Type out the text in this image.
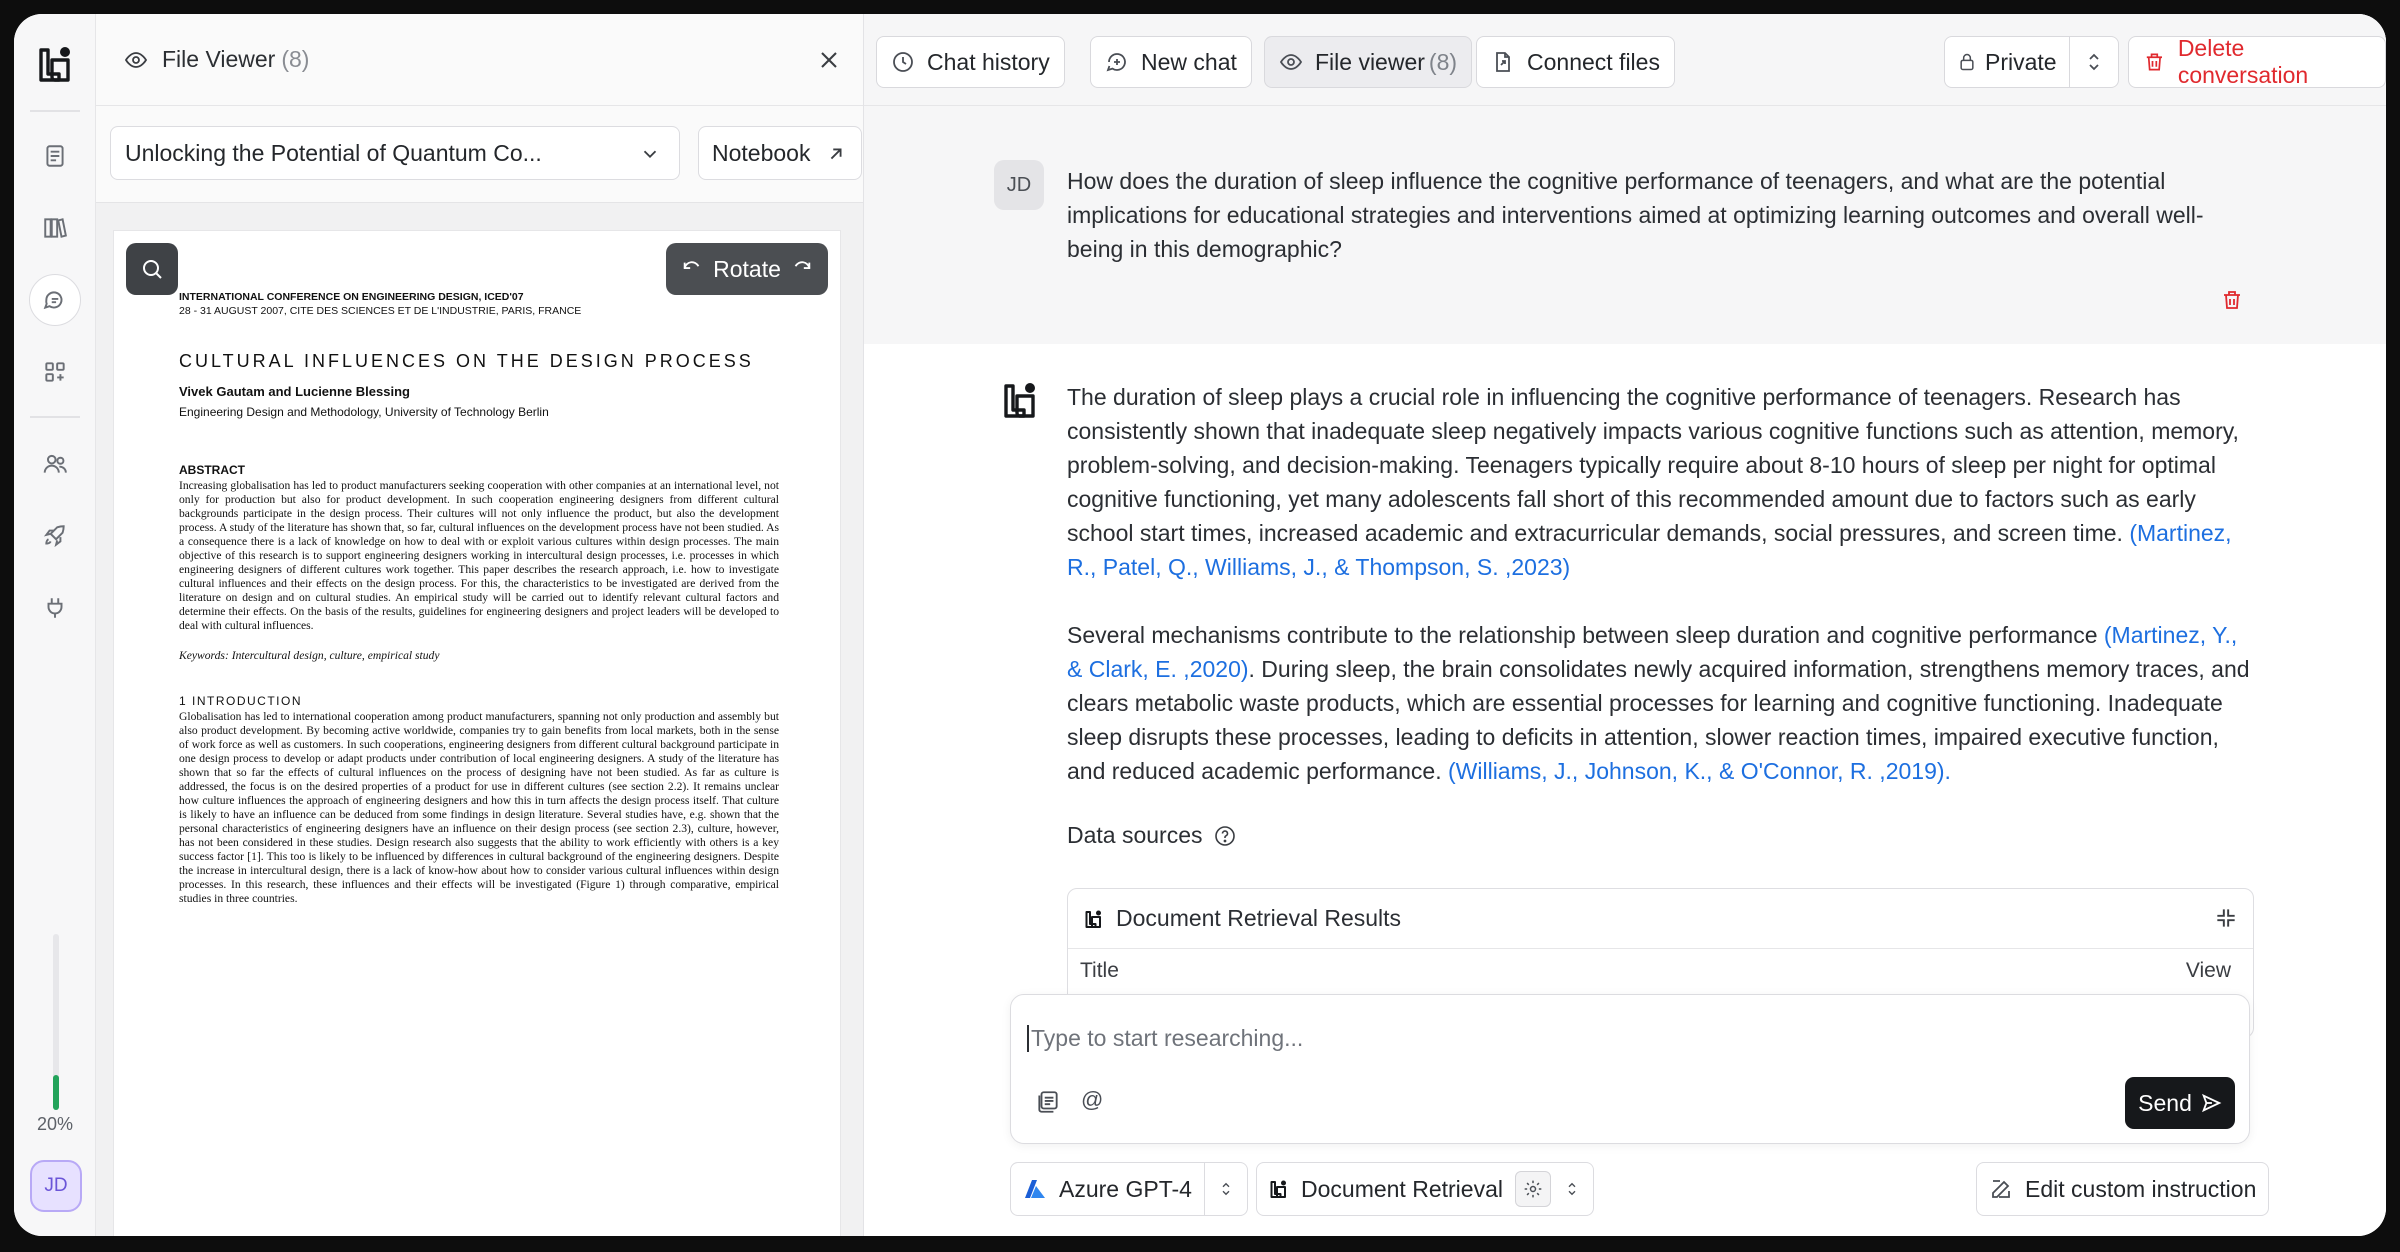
20%
JD
File Viewer (8)
Unlocking the Potential of Quantum Co...	Notebook
Rotate
INTERNATIONAL CONFERENCE ON ENGINEERING DESIGN, ICED'07
28 - 31 AUGUST 2007, CITE DES SCIENCES ET DE L'INDUSTRIE, PARIS, FRANCE
CULTURAL INFLUENCES ON THE DESIGN PROCESS
Vivek Gautam and Lucienne Blessing
Engineering Design and Methodology, University of Technology Berlin
ABSTRACT
Increasing globalisation has led to product manufacturers seeking cooperation with other companies at an international level, not only for production but also for product development. In such cooperation engineering designers from different cultural backgrounds participate in the design process. Their cultures will not only influence the product, but also the development process. A study of the literature has shown that, so far, cultural influences on the development process have not been studied. As a consequence there is a lack of knowledge on how to deal with or exploit various cultures within design processes. The main objective of this research is to support engineering designers working in intercultural design processes, i.e. processes in which engineering designers of different cultures work together. This paper describes the research approach, i.e. how to investigate cultural influences and their effects on the design process. For this, the characteristics to be investigated are derived from the literature on design and on cultural studies. An empirical study will be carried out to identify relevant cultural factors and determine their effects. On the basis of the results, guidelines for engineering designers and project leaders will be developed to deal with cultural influences.
Keywords: Intercultural design, culture, empirical study
1 INTRODUCTION
Globalisation has led to international cooperation among product manufacturers, spanning not only production and assembly but also product development. By becoming active worldwide, companies try to gain benefits from local markets, both in the sense of work force as well as customers. In such cooperations, engineering designers from different cultural background participate in one design process to develop or adapt products under contribution of local engineering designers. A study of the literature has shown that so far the effects of cultural influences on the process of designing have not been studied. As far as culture is addressed, the focus is on the desired properties of a product for use in different cultures (see section 2.2). It remains unclear how culture influences the approach of engineering designers and how this in turn affects the design process itself. That culture is likely to have an influence can be deduced from some findings in design literature. Several studies have, e.g. shown that the personal characteristics of engineering designers have an influence on their design process (see section 2.3), culture, however, has not been considered in these studies. Design research also suggests that the ability to work efficiently with others is a key success factor [1]. This too is likely to be influenced by differences in cultural background of the engineering designers. Despite the increase in intercultural design, there is a lack of know-how about how to consider various cultural influences within design processes. In this research, these influences and their effects will be investigated (Figure 1) through comparative, empirical studies in three countries.
Chat history	New chat	File viewer (8)	Connect files	Private
Delete conversation
JD	How does the duration of sleep influence the cognitive performance of teenagers, and what are the potential implications for educational strategies and interventions aimed at optimizing learning outcomes and overall well-being in this demographic?

The duration of sleep plays a crucial role in influencing the cognitive performance of teenagers. Research has consistently shown that inadequate sleep negatively impacts various cognitive functions such as attention, memory, problem-solving, and decision-making. Teenagers typically require about 8-10 hours of sleep per night for optimal cognitive functioning, yet many adolescents fall short of this recommended amount due to factors such as early school start times, increased academic and extracurricular demands, social pressures, and screen time. (Martinez, R., Patel, Q., Williams, J., & Thompson, S. ,2023)

Several mechanisms contribute to the relationship between sleep duration and cognitive performance (Martinez, Y., & Clark, E. ,2020). During sleep, the brain consolidates newly acquired information, strengthens memory traces, and clears metabolic waste products, which are essential processes for learning and cognitive functioning. Inadequate sleep disrupts these processes, leading to deficits in attention, slower reaction times, impaired executive function, and reduced academic performance. (Williams, J., Johnson, K., & O'Connor, R. ,2019).

Data sources
Document Retrieval Results
Title	View
Type to start researching...
@	Send
Azure GPT-4	Document Retrieval	Edit custom instruction
